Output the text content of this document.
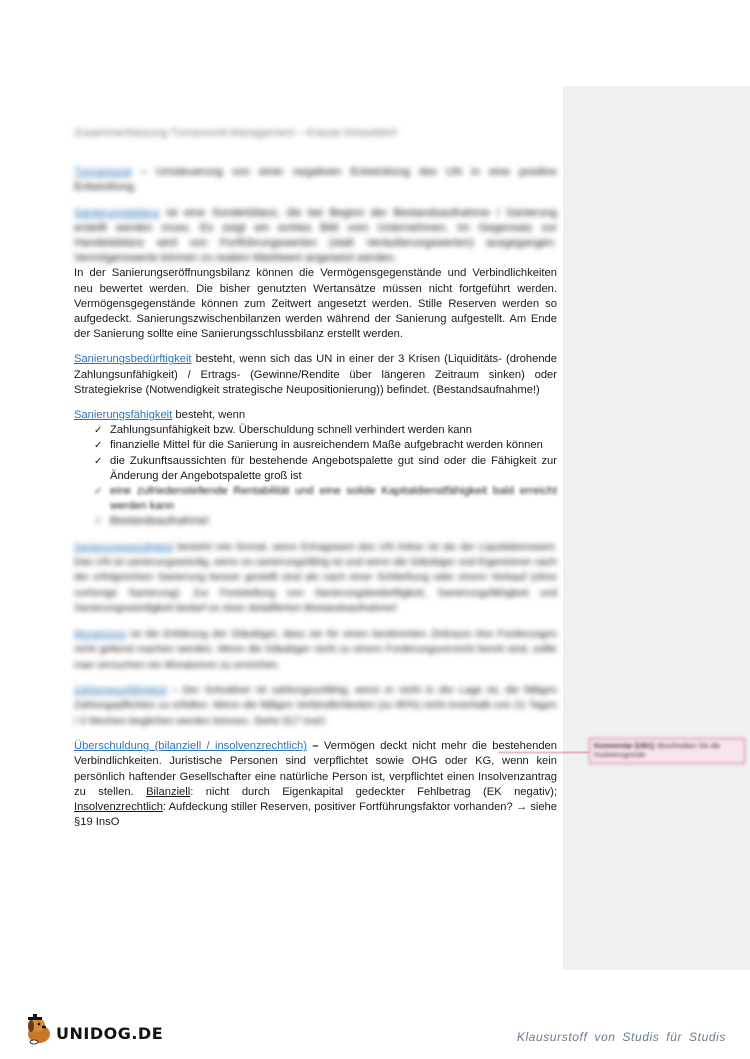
Zusammenfassung Turnaround Management – Krause Düsseldorf

Turnaround – Umsteuerung von einer negativen Entwicklung des UN in eine positive Entwicklung.

Sanierungsbilanz ist eine Sonderbilanz, die bei Beginn der Bestandsaufnahme / Sanierung erstellt werden muss. Es zeigt ein echtes Bild vom Unternehmen. Im Gegensatz zur Handelsbilanz wird von Fortführungswerten (statt Veräußerungswerten) ausgegangen. Vermögenswerte können zu realem Marktwert angesetzt werden.
In der Sanierungseröffnungsbilanz können die Vermögensgegenstände und Verbindlichkeiten neu bewertet werden. Die bisher genutzten Wertansätze müssen nicht fortgeführt werden. Vermögensgegenstände können zum Zeitwert angesetzt werden. Stille Reserven werden so aufgedeckt. Sanierungszwischenbilanzen werden während der Sanierung aufgestellt. Am Ende der Sanierung sollte eine Sanierungsschlussbilanz erstellt werden.

Sanierungsbedürftigkeit besteht, wenn sich das UN in einer der 3 Krisen (Liquiditäts- (drohende Zahlungsunfähigkeit) / Ertrags- (Gewinne/Rendite über längeren Zeitraum sinken) oder Strategiekrise (Notwendigkeit strategische Neupositionierung)) befindet. (Bestandsaufnahme!)

Sanierungsfähigkeit besteht, wenn
✓ Zahlungsunfähigkeit bzw. Überschuldung schnell verhindert werden kann
✓ finanzielle Mittel für die Sanierung in ausreichendem Maße aufgebracht werden können
✓ die Zukunftsaussichten für bestehende Angebotspalette gut sind oder die Fähigkeit zur Änderung der Angebotspalette groß ist
✓ eine zufriedenstellende Rentabilität und eine solide Kapitaldienstfähigkeit bald erreicht werden kann
✓ Bestandsaufnahme!

Sanierungswürdigkeit besteht rein formal, wenn Ertragswert des UN höher ist als der Liquidationswert. Das UN ist sanierungswürdig, wenn es sanierungsfähig ist und wenn die Gläubiger und Eigentümer nach der erfolgreichen Sanierung besser gestellt sind als nach einer Schließung oder einem Verkauf (ohne vorherige Sanierung). Zur Feststellung von Sanierungsbedürftigkeit, Sanierungsfähigkeit und Sanierungswürdigkeit bedarf es einer detaillierten Bestandsaufnahme!

Moratorium ist die Erklärung der Gläubiger, dass sie für einen bestimmten Zeitraum ihre Forderungen nicht geltend machen werden. Wenn die Gläubiger nicht zu einem Forderungsverzicht bereit sind, sollte man versuchen ein Moratorium zu erreichen.

Zahlungsunfähigkeit – Der Schuldner ist zahlungsunfähig, wenn er nicht in der Lage ist, die fälligen Zahlungspflichten zu erfüllen. Wenn die fälligen Verbindlichkeiten (zu 90%) nicht innerhalb von 21 Tagen / 3 Wochen beglichen werden können. Siehe §17 InsO

Überschuldung (bilanziell / insolvenzrechtlich) – Vermögen deckt nicht mehr die bestehenden Verbindlichkeiten. Juristische Personen sind verpflichtet sowie OHG oder KG, wenn kein persönlich haftender Gesellschafter eine natürliche Person ist, verpflichtet einen Insolvenzantrag zu stellen. Bilanziell: nicht durch Eigenkapital gedeckter Fehlbetrag (EK negativ); Insolvenzrechtlich: Aufdeckung stiller Reserven, positiver Fortführungsfaktor vorhanden? → siehe §19 InsO

Kommentar [UB1]: Beschreiben Sie die Insolvenzgründe
UNIDOG.DE	Klausurstoff von Studis für Studis
